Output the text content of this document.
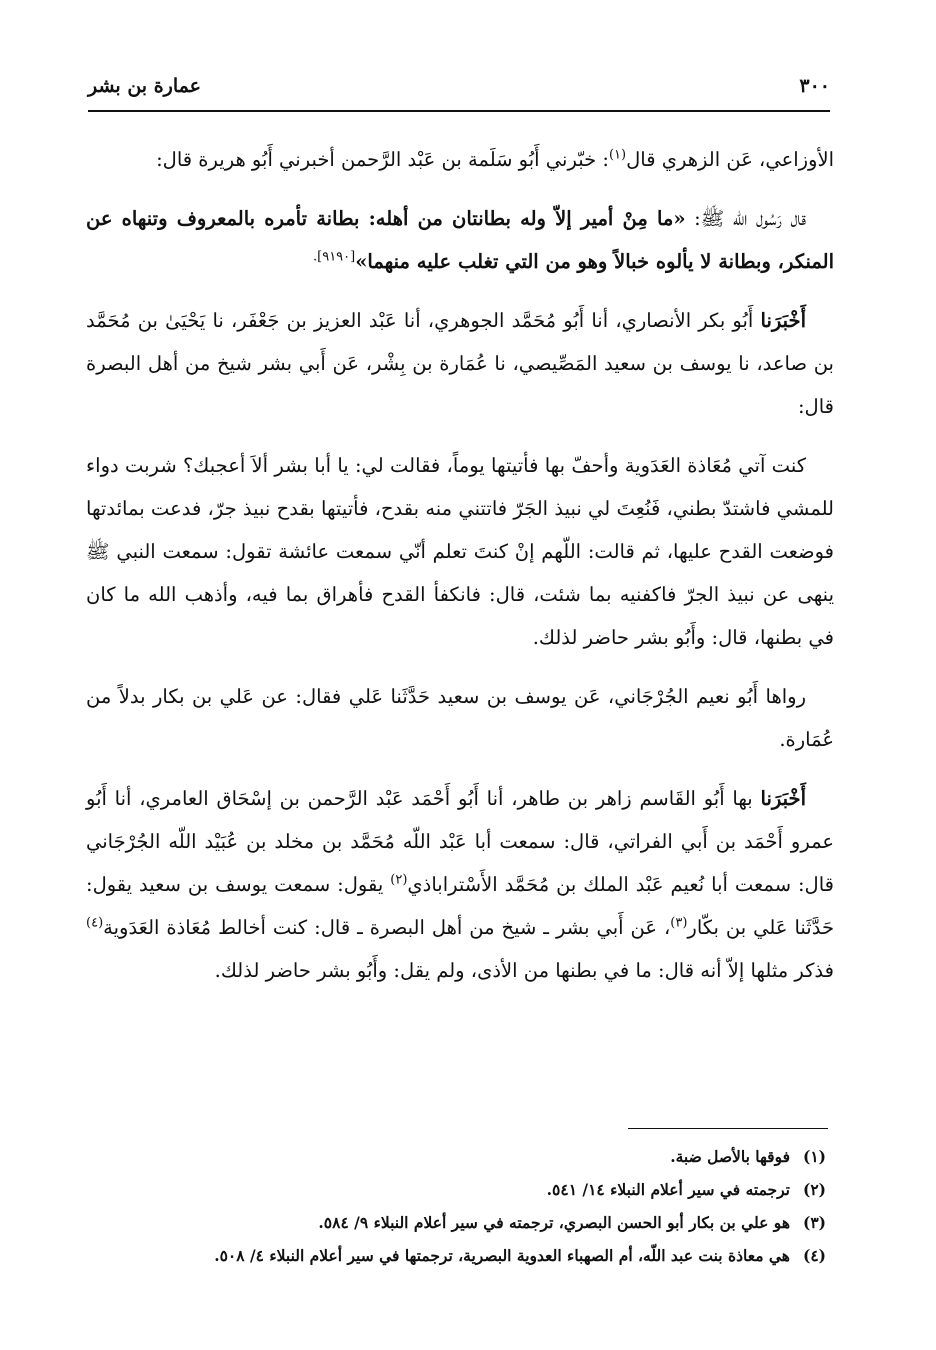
٣٠٠
عمارة بن بشر

الأوزاعي، عَن الزهري قال$^{(١)}$: خبّرني أَبُو سَلَمة بن عَبْد الرَّحمن أخبرني أَبُو هريرة قال:

قال رَسُول الله ﷺ: «ما مِنْ أمير إلاّ وله بطانتان من أهله: بطانة تأمره بالمعروف وتنهاه عن المنكر، وبطانة لا يألوه خبالاً وهو من التي تغلب عليه منهما»$^{[٩١٩٠].}$

أَخْبَرَنا أَبُو بكر الأنصاري، أنا أَبُو مُحَمَّد الجوهري، أنا عَبْد العزيز بن جَعْفَر، نا يَحْيَىٰ بن مُحَمَّد بن صاعد، نا يوسف بن سعيد المَصِّيصي، نا عُمَارة بن بِشْر، عَن أَبي بشر شيخ من أهل البصرة قال:

كنت آتي مُعَاذة العَدَوية وأحفّ بها فأتيتها يوماً، فقالت لي: يا أبا بشر ألاَ أعجبك؟ شربت دواء للمشي فاشتدّ بطني، فَنُعِتَ لي نبيذ الجَرّ فاتتني منه بقدح، فأتيتها بقدح نبيذ جرّ، فدعت بمائدتها فوضعت القدح عليها، ثم قالت: اللّهم إنْ كنتَ تعلم أنّي سمعت عائشة تقول: سمعت النبي ﷺ ينهى عن نبيذ الجرّ فاكفنيه بما شئت، قال: فانكفأ القدح فأهراق بما فيه، وأذهب الله ما كان في بطنها، قال: وأَبُو بشر حاضر لذلك.

رواها أَبُو نعيم الجُرْجَاني، عَن يوسف بن سعيد حَدَّثَنا عَلي فقال: عن عَلي بن بكار بدلاً من عُمَارة.

أَخْبَرَنا بها أَبُو القَاسم زاهر بن طاهر، أنا أَبُو أَحْمَد عَبْد الرَّحمن بن إسْحَاق العامري، أنا أَبُو عمرو أَحْمَد بن أَبي الفراتي، قال: سمعت أبا عَبْد اللّه مُحَمَّد بن مخلد بن عُبَيْد اللّه الجُرْجَاني قال: سمعت أبا نُعيم عَبْد الملك بن مُحَمَّد الأَسْتراباذي$^{(٢)}$ يقول: سمعت يوسف بن سعيد يقول: حَدَّثَنا عَلي بن بكّار$^{(٣)}$، عَن أَبي بشر ـ شيخ من أهل البصرة ـ قال: كنت أخالط مُعَاذة العَدَوية$^{(٤)}$ فذكر مثلها إلاّ أنه قال: ما في بطنها من الأذى، ولم يقل: وأَبُو بشر حاضر لذلك.

(١)
فوقها بالأصل ضبة.
(٢)
ترجمته في سير أعلام النبلاء ١٤/ ٥٤١.
(٣)
هو علي بن بكار أبو الحسن البصري، ترجمته في سير أعلام النبلاء ٩/ ٥٨٤.
(٤)
هي معاذة بنت عبد اللّه، أم الصهباء العدوية البصرية، ترجمتها في سير أعلام النبلاء ٤/ ٥٠٨.
